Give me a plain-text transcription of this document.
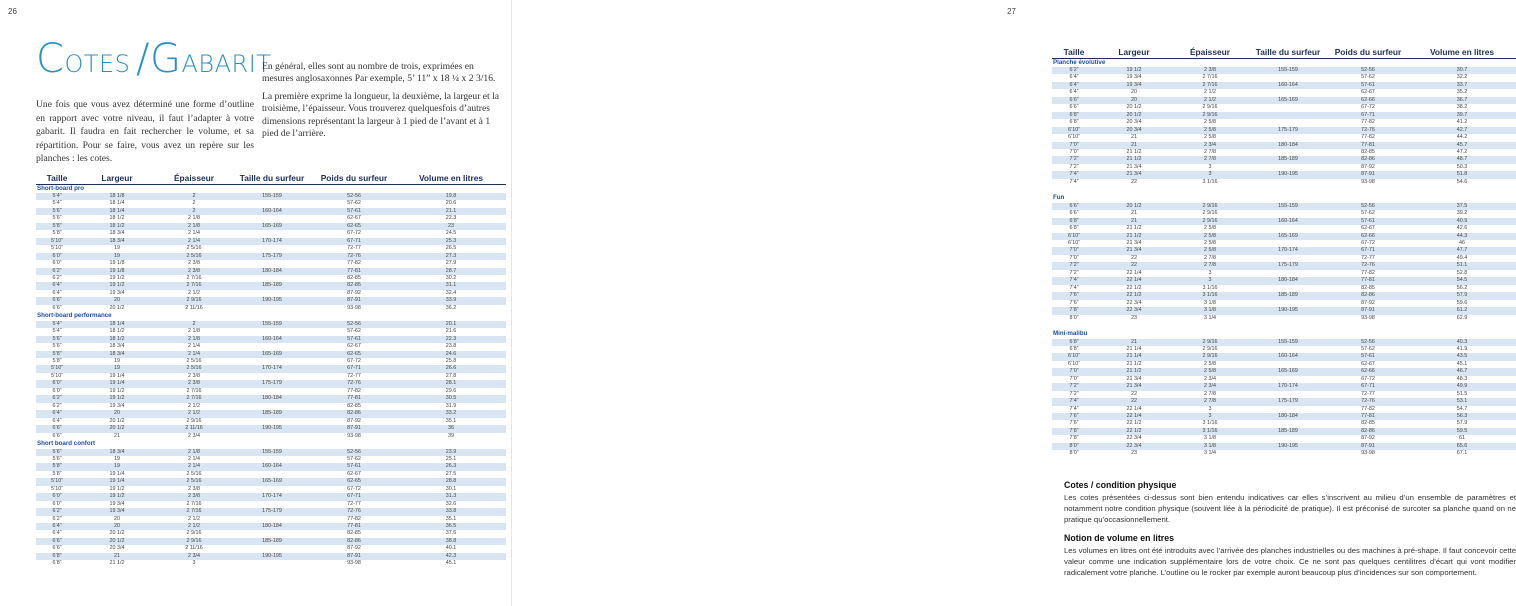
26
COTES /GABARIT
Une fois que vous avez déterminé une forme d’outline en rapport avec votre niveau, il faut l’adapter à votre gabarit. Il faudra en fait rechercher le volume, et sa répartition. Pour se faire, vous avez un repère sur les planches : les cotes.

En général, elles sont au nombre de trois, exprimées en mesures anglosaxonnes Par exemple, 5’ 11” x 18 ¼ x 2 3/16.

La première exprime la longueur, la deuxième, la largeur et la troisième, l’épaisseur. Vous trouverez quelquesfois d’autres dimensions représentant la largeur à 1 pied de l’avant et à 1 pied de l’arrière.

Taille	Largeur	Épaisseur	Taille du surfeur	Poids du surfeur	Volume en litres
Short-board pro					
5’4”	18 1/8	2	155-159	52-56	19.8
5’4”	18 1/4	2		57-62	20.6
5’6”	18 1/4	2	160-164	57-61	21.1
5’6”	18 1/2	2 1/8		62-67	22.3
5’8”	18 1/2	2 1/8	165-169	62-65	23
5’8”	18 3/4	2 1/4		67-72	24.5
5’10”	18 3/4	2 1/4	170-174	67-71	25.3
5’10”	19	2 5/16		72-77	26.5
6’0”	19	2 5/16	175-179	72-76	27.3
6’0”	19 1/8	2 3/8		77-82	27.9
6’2”	19 1/8	2 3/8	180-184	77-81	28.7
6’2”	19 1/2	2 7/16		82-85	30.2
6’4”	19 1/2	2 7/16	185-189	82-85	31.1
6’4”	19 3/4	2 1/2		87-92	32.4
6’6”	20	2 9/16	190-195	87-91	33.9
6’6”	20 1/2	2 11/16		93-98	36.2
Short-board performance					
5’4”	18 1/4	2	155-159	52-56	20.1
5’4”	18 1/2	2 1/8		57-62	21.6
5’6”	18 1/2	2 1/8	160-164	57-61	22.3
5’6”	18 3/4	2 1/4		62-67	23.8
5’8”	18 3/4	2 1/4	165-169	62-65	24.6
5’8”	19	2 5/16		67-72	25.8
5’10”	19	2 5/16	170-174	67-71	26.6
5’10”	19 1/4	2 3/8		72-77	27.8
6’0”	19 1/4	2 3/8	175-179	72-76	28.1
6’0”	19 1/2	2 7/16		77-82	29.6
6’2”	19 1/2	2 7/16	180-184	77-81	30.5
6’2”	19 3/4	2 1/2		82-85	31.9
6’4”	20	2 1/2	185-189	82-86	33.2
6’4”	20 1/2	2 9/16		87-92	35.1
6’6”	20 1/2	2 11/16	190-195	87-91	36
6’6”	21	2 3/4		93-98	39
Short board confort					
5’6”	18 3/4	2 1/8	155-159	52-56	23.9
5’6”	19	2 1/4		57-62	25.1
5’8”	19	2 1/4	160-164	57-61	26.3
5’8”	19 1/4	2 5/16		62-67	27.5
5’10”	19 1/4	2 5/16	165-169	62-65	28.8
5’10”	19 1/2	2 3/8		67-72	30.1
6’0”	19 1/2	2 3/8	170-174	67-71	31.3
6’0”	19 3/4	2 7/16		72-77	32.6
6’2”	19 3/4	2 7/16	175-179	72-76	33.8
6’2”	20	2 1/2		77-82	35.1
6’4”	20	2 1/2	180-184	77-81	36.5
6’4”	20 1/2	2 9/16		82-85	37.6
6’6”	20 1/2	2 9/16	185-189	82-86	38.8
6’6”	20 3/4	2 11/16		87-92	40.1
6’8”	21	2 3/4	190-195	87-91	42.3
6’8”	21 1/2	3		93-98	45.1
27
Taille	Largeur	Épaisseur	Taille du surfeur	Poids du surfeur	Volume en litres
Planche évolutive					
6’2”	19 1/2	2 3/8	155-159	52-56	30.7
6’4”	19 3/4	2 7/16		57-62	32.2
6’4”	19 3/4	2 7/16	160-164	57-61	33.7
6’4”	20	2 1/2		62-67	35.2
6’6”	20	2 1/2	165-169	62-66	36.7
6’6”	20 1/2	2 9/16		67-72	38.2
6’8”	20 1/2	2 9/16		67-71	39.7
6’8”	20 3/4	2 5/8		77-82	41.2
6’10”	20 3/4	2 5/8	175-179	72-76	42.7
6’10”	21	2 5/8		77-82	44.2
7’0”	21	2 3/4	180-184	77-81	45.7
7’0”	21 1/2	2 7/8		82-85	47.2
7’2”	21 1/2	2 7/8	185-189	82-86	48.7
7’2”	21 3/4	3		87-92	50.3
7’4”	21 3/4	3	190-195	87-91	51.8
7’4”	22	3 1/16		93-98	54.6

Fun					
6’6”	20 1/2	2 9/16	155-159	52-56	37.5
6’6”	21	2 9/16		57-62	39.2
6’8”	21	2 9/16	160-164	57-61	40.9
6’8”	21 1/2	2 5/8		62-67	42.6
6’10”	21 1/2	2 5/8	165-169	62-66	44.3
6’10”	21 3/4	2 5/8		67-72	46
7’0”	21 3/4	2 5/8	170-174	67-71	47.7
7’0”	22	2 7/8		72-77	49.4
7’2”	22	2 7/8	175-179	72-76	51.1
7’2”	22 1/4	3		77-82	52.8
7’4”	22 1/4	3	180-184	77-81	54.5
7’4”	22 1/2	3 1/16		82-85	56.2
7’6”	22 1/2	3 1/16	185-189	82-86	57.9
7’6”	22 3/4	3 1/8		87-92	59.6
7’8”	22 3/4	3 1/8	190-195	87-91	61.2
8’0”	23	3 1/4		93-98	62.9

Mini-malibu					
6’8”	21	2 9/16	155-159	52-56	40.3
6’8”	21 1/4	2 9/16		57-62	41.9
6’10”	21 1/4	2 9/16	160-164	57-61	43.5
6’10”	21 1/2	2 5/8		62-67	45.1
7’0”	21 1/2	2 5/8	165-169	62-66	46.7
7’0”	21 3/4	2 3/4		67-72	48.3
7’2”	21 3/4	2 3/4	170-174	67-71	49.9
7’2”	22	2 7/8		72-77	51.5
7’4”	22	2 7/8	175-179	72-76	53.1
7’4”	22 1/4	3		77-82	54.7
7’6”	22 1/4	3	180-184	77-81	56.3
7’6”	22 1/2	3 1/16		82-85	57.9
7’8”	22 1/2	3 1/16	185-189	82-86	59.5
7’8”	22 3/4	3 1/8		87-92	61
8’0”	22 3/4	3 1/8	190-195	87-91	65.6
8’0”	23	3 1/4		93-98	67.1
Cotes / condition physique

Les cotes présentées ci-dessus sont bien entendu indicatives car elles s’inscrivent au milieu d’un ensemble de paramètres et notamment notre condition physique (souvent liée à la périodicité de pratique). Il est préconisé de surcoter sa planche quand on ne pratique qu’occasionnellement.

Notion de volume en litres

Les volumes en litres ont été introduits avec l’arrivée des planches industrielles ou des machines à pré-shape. Il faut concevoir cette valeur comme une indication supplémentaire lors de votre choix. Ce ne sont pas quelques centilitres d’écart qui vont modifier radicalement votre planche. L’outline ou le rocker par exemple auront beaucoup plus d’incidences sur son comportement.
